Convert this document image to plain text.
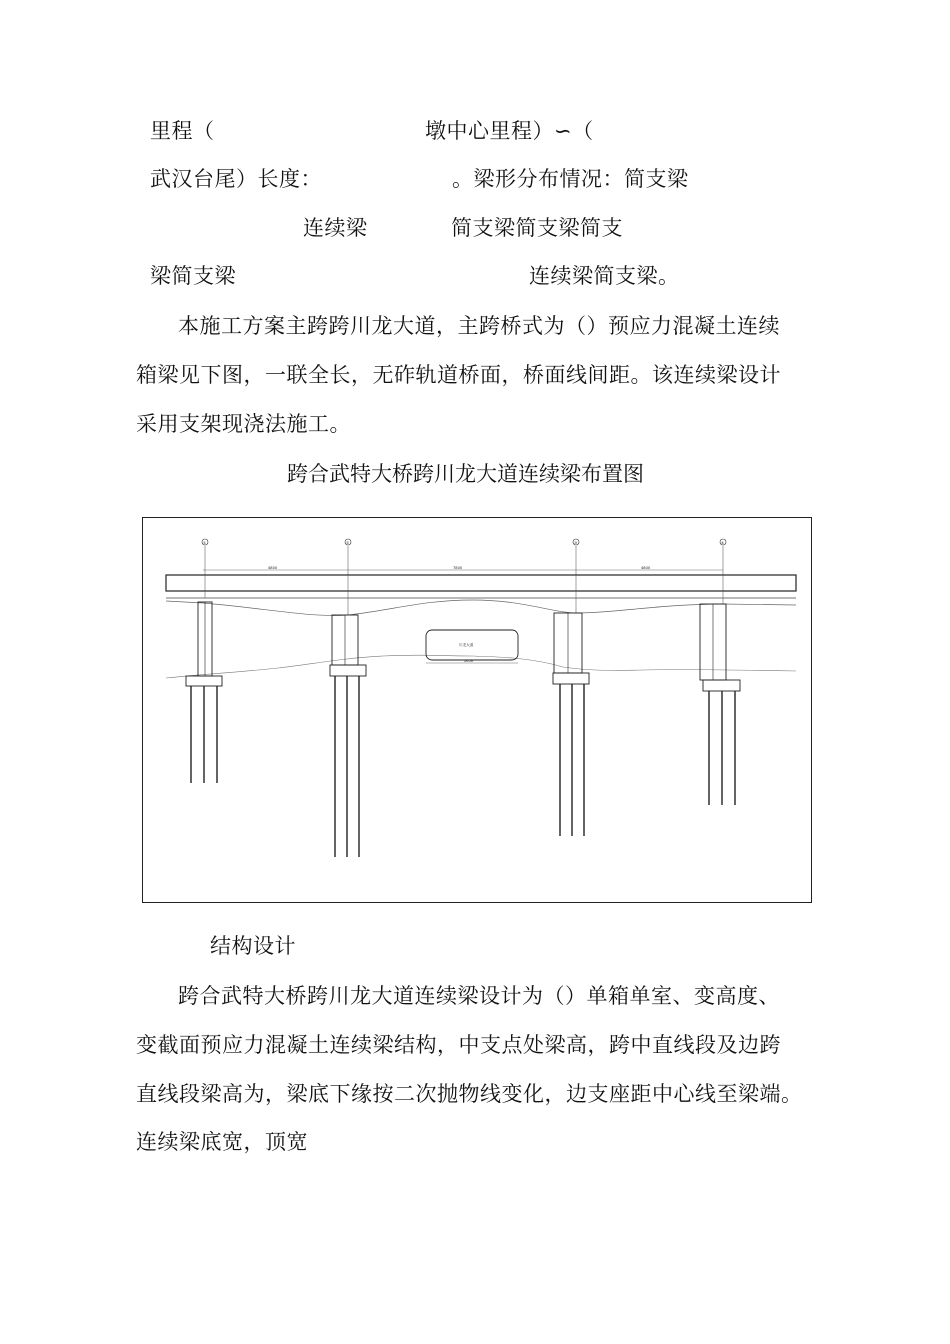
里程（	墩中心里程）∽（
武汉台尾）长度：	。梁形分布情况：简支梁
连续梁	简支梁简支梁简支
梁简支梁	连续梁简支梁。
本施工方案主跨跨川龙大道，主跨桥式为（）预应力混凝土连续
箱梁见下图，一联全长，无砟轨道桥面，桥面线间距。该连续梁设计
采用支架现浇法施工。
跨合武特大桥跨川龙大道连续梁布置图
4800	7800	4800
川龙大道
2650
①	②	③	④
结构设计
跨合武特大桥跨川龙大道连续梁设计为（）单箱单室、变高度、
变截面预应力混凝土连续梁结构，中支点处梁高，跨中直线段及边跨
直线段梁高为，梁底下缘按二次抛物线变化，边支座距中心线至梁端。
连续梁底宽，顶宽
